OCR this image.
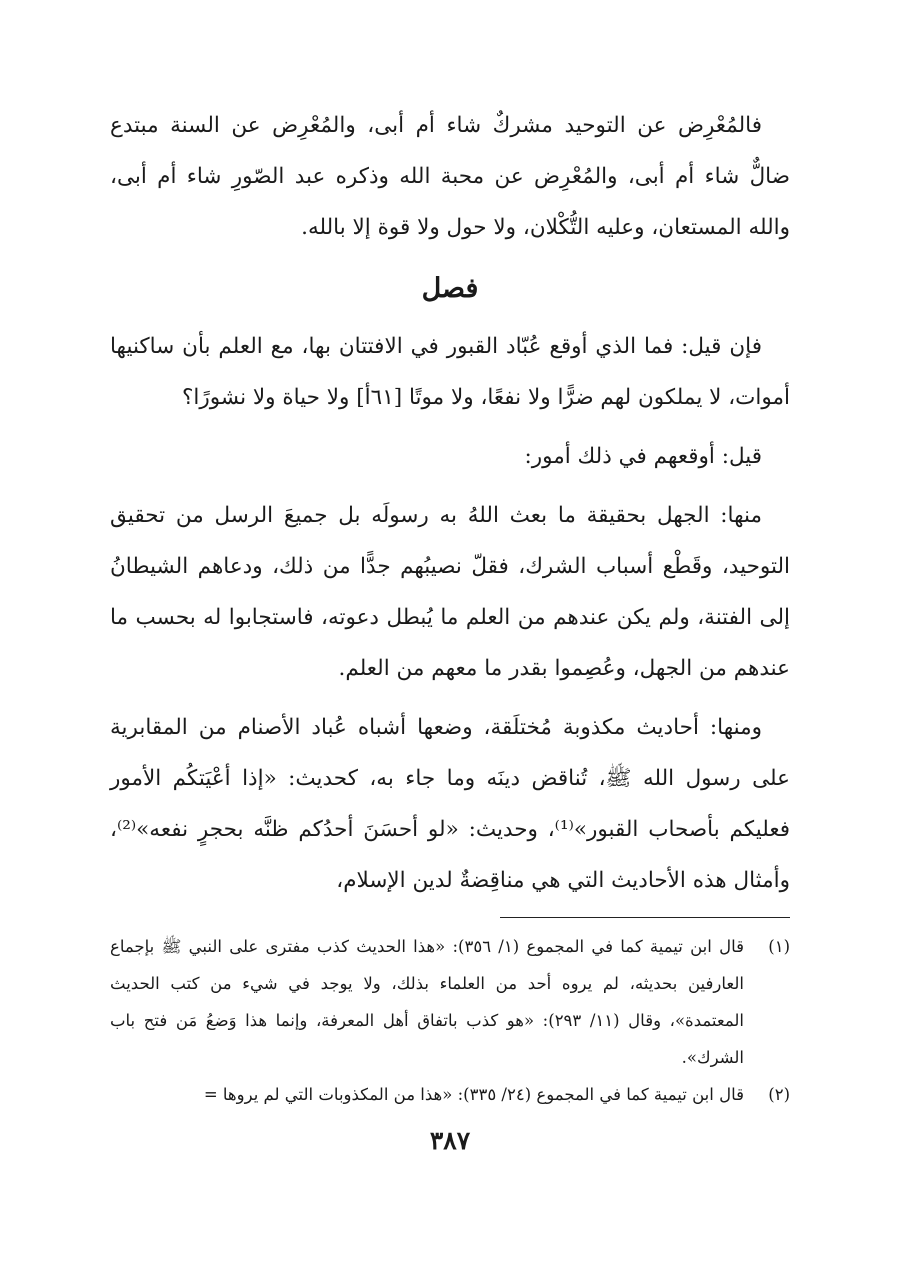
فالمُعْرِض عن التوحيد مشركٌ شاء أم أبى، والمُعْرِض عن السنة مبتدع ضالٌّ شاء أم أبى، والمُعْرِض عن محبة الله وذكره عبد الصّورِ شاء أم أبى، والله المستعان، وعليه التُّكْلان، ولا حول ولا قوة إلا بالله.

فصل

فإن قيل: فما الذي أوقع عُبّاد القبور في الافتتان بها، مع العلم بأن ساكنيها أموات، لا يملكون لهم ضرًّا ولا نفعًا، ولا موتًا [٦١أ] ولا حياة ولا نشورًا؟

قيل: أوقعهم في ذلك أمور:

منها: الجهل بحقيقة ما بعث اللهُ به رسولَه بل جميعَ الرسل من تحقيق التوحيد، وقَطْع أسباب الشرك، فقلّ نصيبُهم جدًّا من ذلك، ودعاهم الشيطانُ إلى الفتنة، ولم يكن عندهم من العلم ما يُبطل دعوته، فاستجابوا له بحسب ما عندهم من الجهل، وعُصِموا بقدر ما معهم من العلم.

ومنها: أحاديث مكذوبة مُختلَقة، وضعها أشباه عُباد الأصنام من المقابرية على رسول الله ﷺ، تُناقض دينَه وما جاء به، كحديث: «إذا أعْيَتكُم الأمور فعليكم بأصحاب القبور»⁽¹⁾، وحديث: «لو أحسَنَ أحدُكم ظنَّه بحجرٍ نفعه»⁽²⁾، وأمثال هذه الأحاديث التي هي مناقِضةٌ لدين الإسلام،

(١)
قال ابن تيمية كما في المجموع (١/ ٣٥٦): «هذا الحديث كذب مفترى على النبي ﷺ بإجماع العارفين بحديثه، لم يروه أحد من العلماء بذلك، ولا يوجد في شيء من كتب الحديث المعتمدة»، وقال (١١/ ٢٩٣): «هو كذب باتفاق أهل المعرفة، وإنما هذا وَضعُ مَن فتح باب الشرك».
(٢)
قال ابن تيمية كما في المجموع (٢٤/ ٣٣٥): «هذا من المكذوبات التي لم يروها =
٣٨٧
